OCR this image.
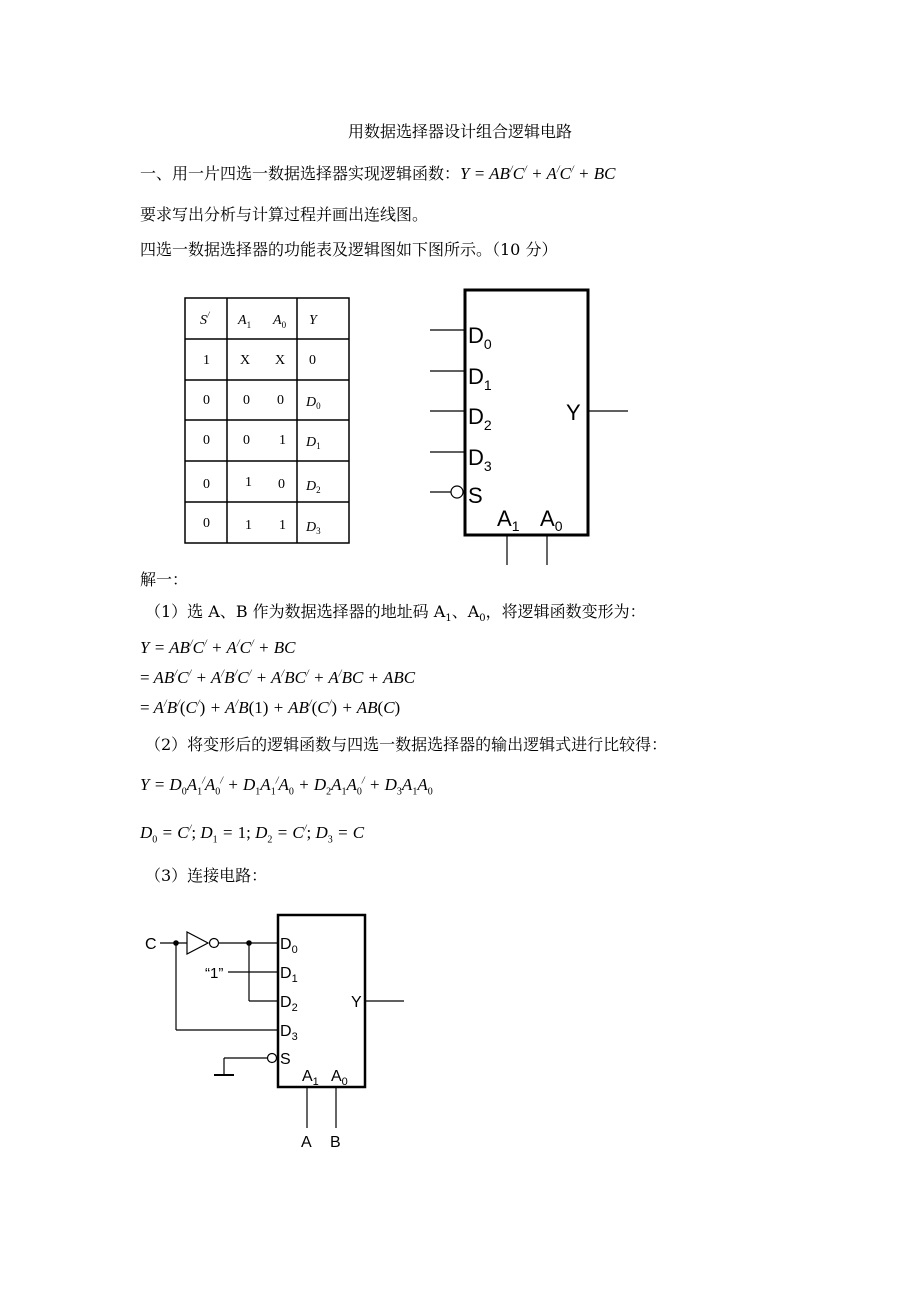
用数据选择器设计组合逻辑电路
一、用一片四选一数据选择器实现逻辑函数：Y = AB/C/ + A/C/ + BC
要求写出分析与计算过程并画出连线图。
四选一数据选择器的功能表及逻辑图如下图所示。（10 分）
S/ $A_1$ $A_0$ Y
1 X X 0
0 0 0 $D_0$
0 0 1 $D_1$
0	1 0 $D_2$
0	1 1 $D_3$
$D_0$
$D_1$
$D_2$
$D_3$
S
Y
$A_1$ $A_0$
解一：
（1）选 A、B 作为数据选择器的地址码 $A_1$、$A_0$，将逻辑函数变形为：
Y = AB/C/ + A/C/ + BC
= AB/C/ + A/B/C/ + A/BC/ + A/BC + ABC
= A/B/(C/) + A/B(1) + AB/(C/) + AB(C)
（2）将变形后的逻辑函数与四选一数据选择器的输出逻辑式进行比较得：
$Y = D_0A_1^/A_0^/ + D_1A_1^/A_0 + D_2A_1A_0^/ + D_3A_1A_0$
$D_0 = C^/$; $D_1 = 1$; $D_2 = C^/$; $D_3 = C$
（3）连接电路：
C
“1”
$D_0$
$D_1$
$D_2$
$D_3$
S
Y
$A_1$ $A_0$
A B
